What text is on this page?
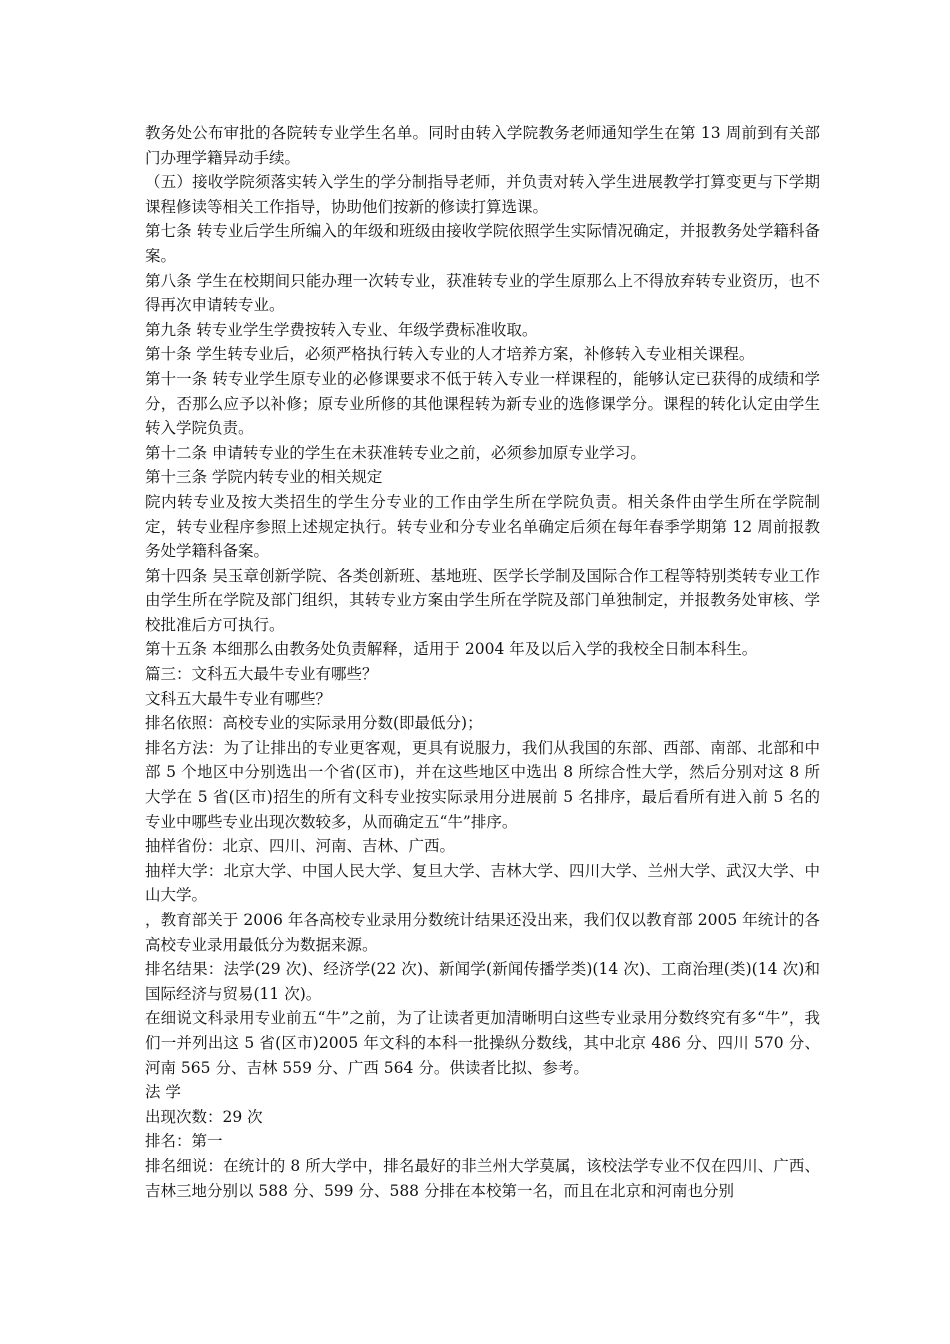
教务处公布审批的各院转专业学生名单。同时由转入学院教务老师通知学生在第 13 周前到有关部门办理学籍异动手续。

（五）接收学院须落实转入学生的学分制指导老师，并负责对转入学生进展教学打算变更与下学期课程修读等相关工作指导，协助他们按新的修读打算选课。

第七条 转专业后学生所编入的年级和班级由接收学院依照学生实际情况确定，并报教务处学籍科备案。

第八条 学生在校期间只能办理一次转专业，获准转专业的学生原那么上不得放弃转专业资历，也不得再次申请转专业。

第九条 转专业学生学费按转入专业、年级学费标准收取。

第十条 学生转专业后，必须严格执行转入专业的人才培养方案，补修转入专业相关课程。

第十一条 转专业学生原专业的必修课要求不低于转入专业一样课程的，能够认定已获得的成绩和学分，否那么应予以补修；原专业所修的其他课程转为新专业的选修课学分。课程的转化认定由学生转入学院负责。

第十二条 申请转专业的学生在未获准转专业之前，必须参加原专业学习。

第十三条 学院内转专业的相关规定

院内转专业及按大类招生的学生分专业的工作由学生所在学院负责。相关条件由学生所在学院制定，转专业程序参照上述规定执行。转专业和分专业名单确定后须在每年春季学期第 12 周前报教务处学籍科备案。

第十四条 吴玉章创新学院、各类创新班、基地班、医学长学制及国际合作工程等特别类转专业工作由学生所在学院及部门组织，其转专业方案由学生所在学院及部门单独制定，并报教务处审核、学校批准后方可执行。

第十五条 本细那么由教务处负责解释，适用于 2004 年及以后入学的我校全日制本科生。

篇三：文科五大最牛专业有哪些？

文科五大最牛专业有哪些？

排名依照：高校专业的实际录用分数(即最低分)；

排名方法：为了让排出的专业更客观，更具有说服力，我们从我国的东部、西部、南部、北部和中部 5 个地区中分别选出一个省(区市)，并在这些地区中选出 8 所综合性大学，然后分别对这 8 所大学在 5 省(区市)招生的所有文科专业按实际录用分进展前 5 名排序，最后看所有进入前 5 名的专业中哪些专业出现次数较多，从而确定五“牛”排序。

抽样省份：北京、四川、河南、吉林、广西。

抽样大学：北京大学、中国人民大学、复旦大学、吉林大学、四川大学、兰州大学、武汉大学、中山大学。

，教育部关于 2006 年各高校专业录用分数统计结果还没出来，我们仅以教育部 2005 年统计的各高校专业录用最低分为数据来源。

排名结果：法学(29 次)、经济学(22 次)、新闻学(新闻传播学类)(14 次)、工商治理(类)(14 次)和国际经济与贸易(11 次)。

在细说文科录用专业前五“牛”之前，为了让读者更加清晰明白这些专业录用分数终究有多“牛”，我们一并列出这 5 省(区市)2005 年文科的本科一批操纵分数线，其中北京 486 分、四川 570 分、河南 565 分、吉林 559 分、广西 564 分。供读者比拟、参考。

法 学

出现次数：29 次

排名：第一

排名细说：在统计的 8 所大学中，排名最好的非兰州大学莫属，该校法学专业不仅在四川、广西、吉林三地分别以 588 分、599 分、588 分排在本校第一名，而且在北京和河南也分别
